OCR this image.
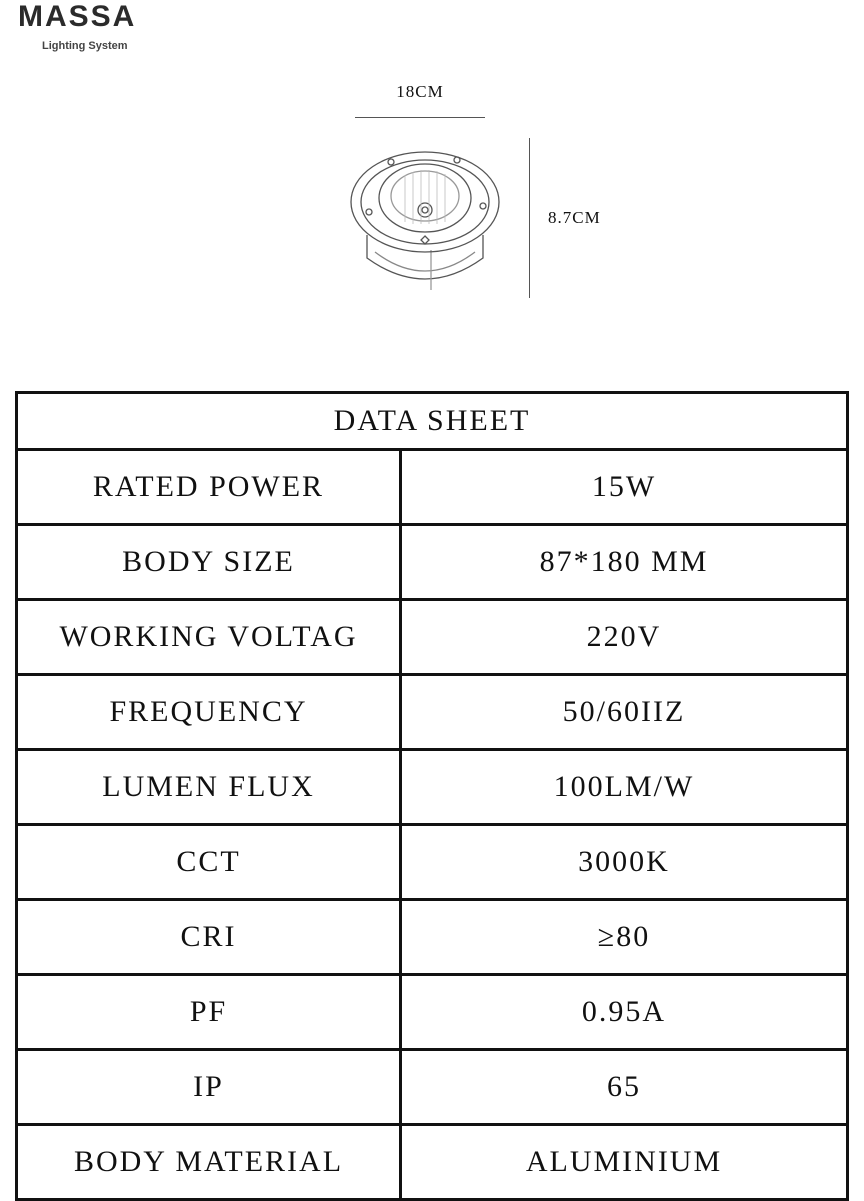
MASSA
Lighting System
18CM
8.7CM
DATA SHEET
RATED POWER	15W
BODY SIZE	87*180 MM
WORKING VOLTAG	220V
FREQUENCY	50/60IIZ
LUMEN FLUX	100LM/W
CCT	3000K
CRI	≥80
PF	0.95A
IP	65
BODY MATERIAL	ALUMINIUM
